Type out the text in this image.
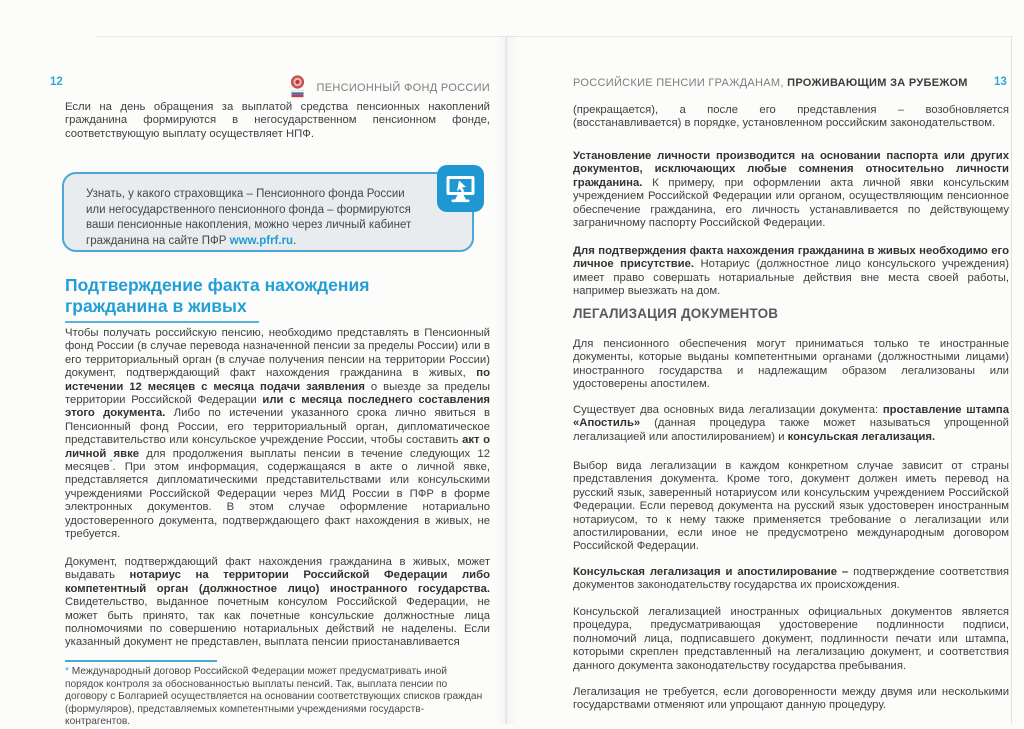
12	ПЕНСИОННЫЙ ФОНД РОССИИ

Если на день обращения за выплатой средства пенсионных накоплений гражданина формируются в негосударственном пенсионном фонде, соответствующую выплату осуществляет НПФ.

Узнать, у какого страховщика – Пенсионного фонда России или негосударственного пенсионного фонда – формируются ваши пенсионные накопления, можно через личный кабинет гражданина на сайте ПФР www.pfrf.ru.

Подтверждение факта нахождения гражданина в живых

Чтобы получать российскую пенсию, необходимо представлять в Пенсионный фонд России (в случае перевода назначенной пенсии за пределы России) или в его территориальный орган (в случае получения пенсии на территории России) документ, подтверждающий факт нахождения гражданина в живых, по истечении 12 месяцев с месяца подачи заявления о выезде за пределы территории Российской Федерации или с месяца последнего составления этого документа. Либо по истечении указанного срока лично явиться в Пенсионный фонд России, его территориальный орган, дипломатическое представительство или консульское учреждение России, чтобы составить акт о личной явке для продолжения выплаты пенсии в течение следующих 12 месяцев*. При этом информация, содержащаяся в акте о личной явке, представляется дипломатическими представительствами или консульскими учреждениями Российской Федерации через МИД России в ПФР в форме электронных документов. В этом случае оформление нотариально удостоверенного документа, подтверждающего факт нахождения в живых, не требуется.

Документ, подтверждающий факт нахождения гражданина в живых, может выдавать нотариус на территории Российской Федерации либо компетентный орган (должностное лицо) иностранного государства. Свидетельство, выданное почетным консулом Российской Федерации, не может быть принято, так как почетные консульские должностные лица полномочиями по совершению нотариальных действий не наделены. Если указанный документ не представлен, выплата пенсии приостанавливается

* Международный договор Российской Федерации может предусматривать иной порядок контроля за обоснованностью выплаты пенсий. Так, выплата пенсии по договору с Болгарией осуществляется на основании соответствующих списков граждан (формуляров), представляемых компетентными учреждениями государств-контрагентов.

РОССИЙСКИЕ ПЕНСИИ ГРАЖДАНАМ, ПРОЖИВАЮЩИМ ЗА РУБЕЖОМ 13

(прекращается), а после его представления – возобновляется (восстанавливается) в порядке, установленном российским законодательством.

Установление личности производится на основании паспорта или других документов, исключающих любые сомнения относительно личности гражданина. К примеру, при оформлении акта личной явки консульским учреждением Российской Федерации или органом, осуществляющим пенсионное обеспечение гражданина, его личность устанавливается по действующему заграничному паспорту Российской Федерации.

Для подтверждения факта нахождения гражданина в живых необходимо его личное присутствие. Нотариус (должностное лицо консульского учреждения) имеет право совершать нотариальные действия вне места своей работы, например выезжать на дом.

ЛЕГАЛИЗАЦИЯ ДОКУМЕНТОВ

Для пенсионного обеспечения могут приниматься только те иностранные документы, которые выданы компетентными органами (должностными лицами) иностранного государства и надлежащим образом легализованы или удостоверены апостилем.

Существует два основных вида легализации документа: проставление штампа «Апостиль» (данная процедура также может называться упрощенной легализацией или апостилированием) и консульская легализация.

Выбор вида легализации в каждом конкретном случае зависит от страны представления документа. Кроме того, документ должен иметь перевод на русский язык, заверенный нотариусом или консульским учреждением Российской Федерации. Если перевод документа на русский язык удостоверен иностранным нотариусом, то к нему также применяется требование о легализации или апостилировании, если иное не предусмотрено международным договором Российской Федерации.

Консульская легализация и апостилирование – подтверждение соответствия документов законодательству государства их происхождения.

Консульской легализацией иностранных официальных документов является процедура, предусматривающая удостоверение подлинности подписи, полномочий лица, подписавшего документ, подлинности печати или штампа, которыми скреплен представленный на легализацию документ, и соответствия данного документа законодательству государства пребывания.

Легализация не требуется, если договоренности между двумя или несколькими государствами отменяют или упрощают данную процедуру.
